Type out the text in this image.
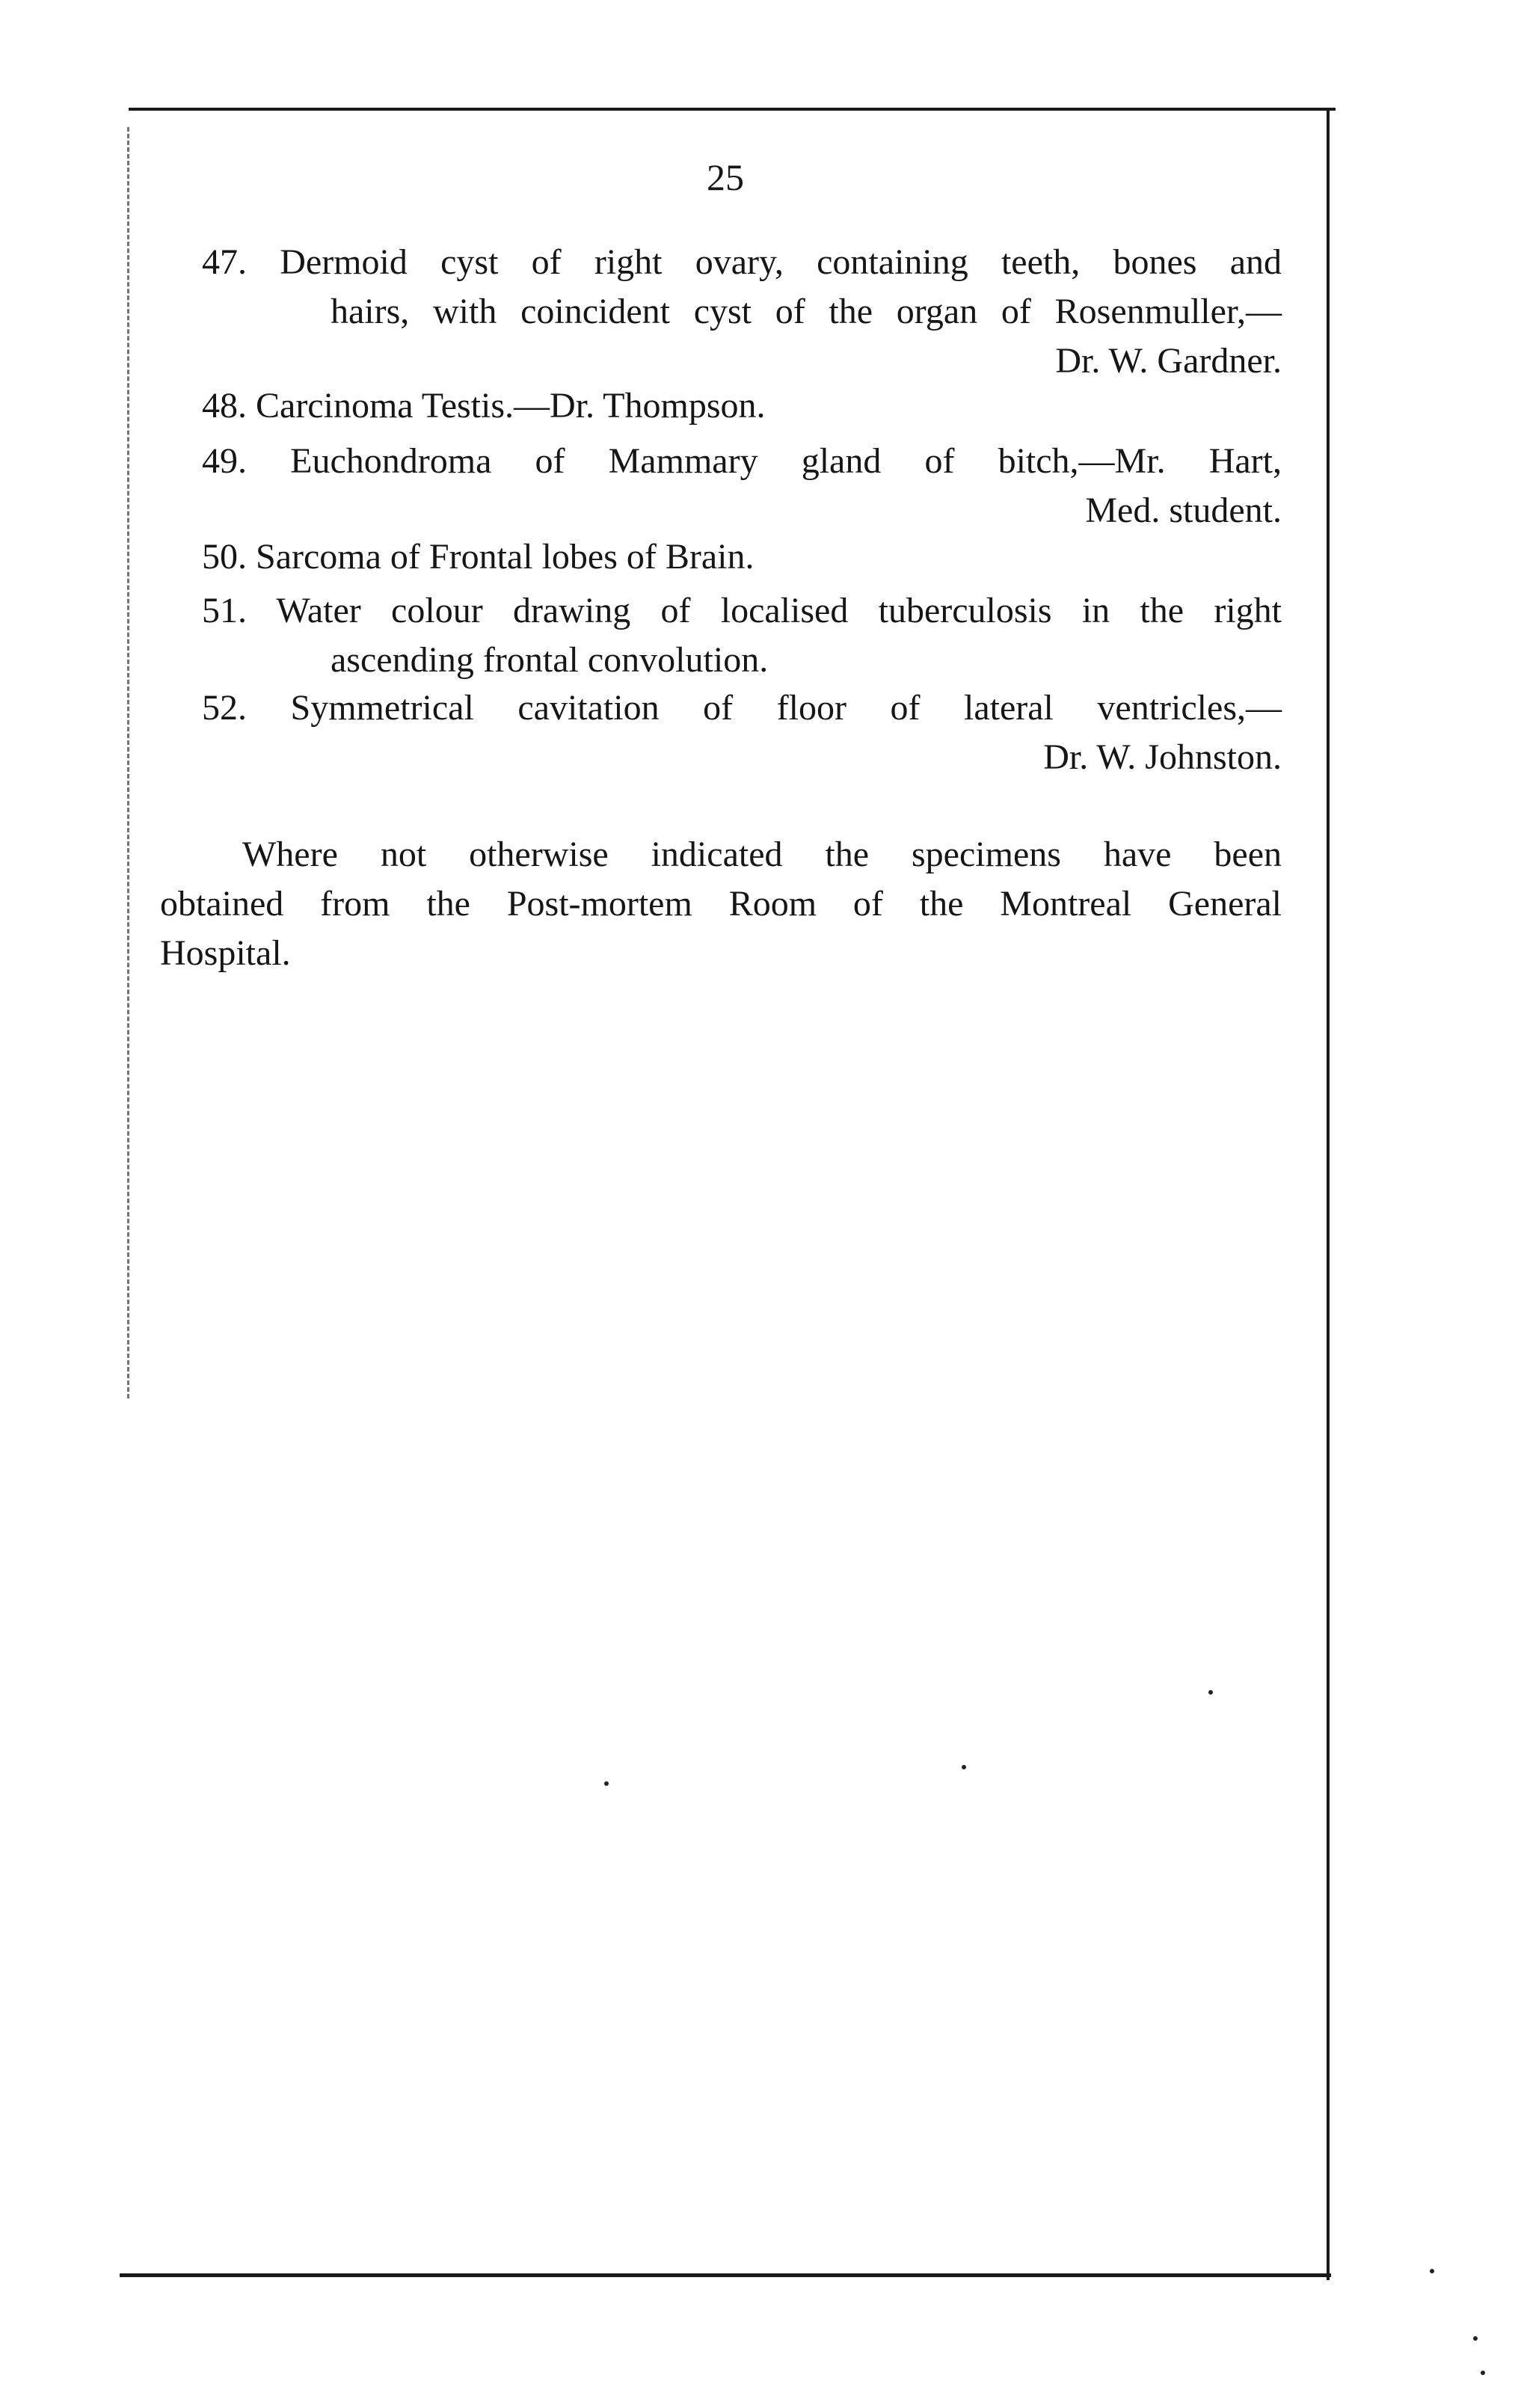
25
47. Dermoid cyst of right ovary, containing teeth, bones and
hairs, with coincident cyst of the organ of Rosenmuller,—
Dr. W. Gardner.
48. Carcinoma Testis.—Dr. Thompson.
49. Euchondroma of Mammary gland of bitch,—Mr. Hart,
Med. student.
50. Sarcoma of Frontal lobes of Brain.
51. Water colour drawing of localised tuberculosis in the right
ascending frontal convolution.
52. Symmetrical cavitation of floor of lateral ventricles,—
Dr. W. Johnston.
Where not otherwise indicated the specimens have been
obtained from the Post-mortem Room of the Montreal General
Hospital.
